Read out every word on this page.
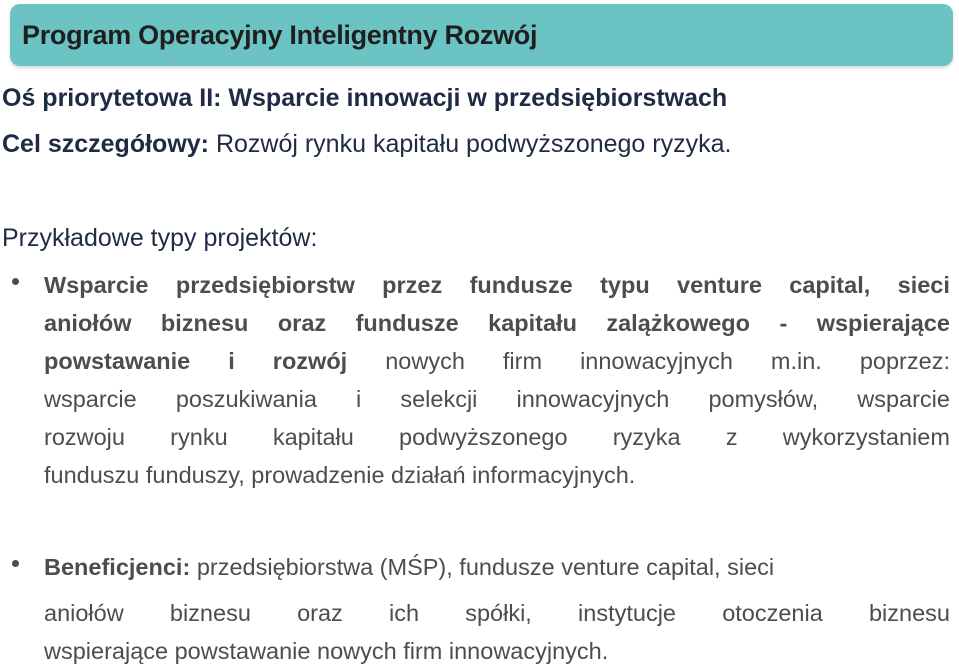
Program Operacyjny Inteligentny Rozwój
Oś priorytetowa II: Wsparcie innowacji w przedsiębiorstwach
Cel szczegółowy: Rozwój rynku kapitału podwyższonego ryzyka.
Przykładowe typy projektów:
Wsparcie przedsiębiorstw przez fundusze typu venture capital, sieci
aniołów biznesu oraz fundusze kapitału zalążkowego - wspierające
powstawanie i rozwój nowych firm innowacyjnych m.in. poprzez:
wsparcie poszukiwania i selekcji innowacyjnych pomysłów, wsparcie
rozwoju rynku kapitału podwyższonego ryzyka z wykorzystaniem
funduszu funduszy, prowadzenie działań informacyjnych.
Beneficjenci:
przedsiębiorstwa (MŚP), fundusze venture capital, sieci
aniołów biznesu oraz ich spółki, instytucje otoczenia biznesu
wspierające powstawanie nowych firm innowacyjnych.
